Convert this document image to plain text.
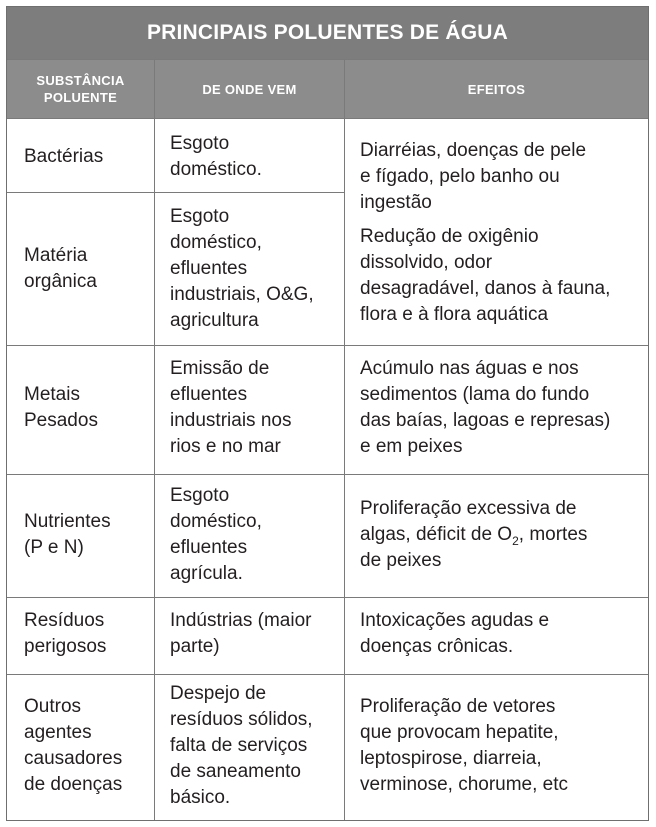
PRINCIPAIS POLUENTES DE ÁGUA
SUBSTÂNCIA
POLUENTE
DE ONDE VEM	EFEITOS
Bactérias
Esgoto
doméstico.
Diarréias, doenças de pele
e fígado, pelo banho ou
ingestão
Matéria
orgânica
Esgoto
doméstico,
efluentes
industriais, O&G,
agricultura
Redução de oxigênio
dissolvido, odor
desagradável, danos à fauna,
flora e à flora aquática
Metais
Pesados
Emissão de
efluentes
industriais nos
rios e no mar
Acúmulo nas águas e nos
sedimentos (lama do fundo
das baías, lagoas e represas)
e em peixes
Nutrientes
(P e N)
Esgoto
doméstico,
efluentes
agrícula.
Proliferação excessiva de
algas, déficit de $O_2$, mortes
de peixes
Resíduos
perigosos
Indústrias (maior
parte)
Intoxicações agudas e
doenças crônicas.
Outros
agentes
causadores
de doenças
Despejo de
resíduos sólidos,
falta de serviços
de saneamento
básico.
Proliferação de vetores
que provocam hepatite,
leptospirose, diarreia,
verminose, chorume, etc
